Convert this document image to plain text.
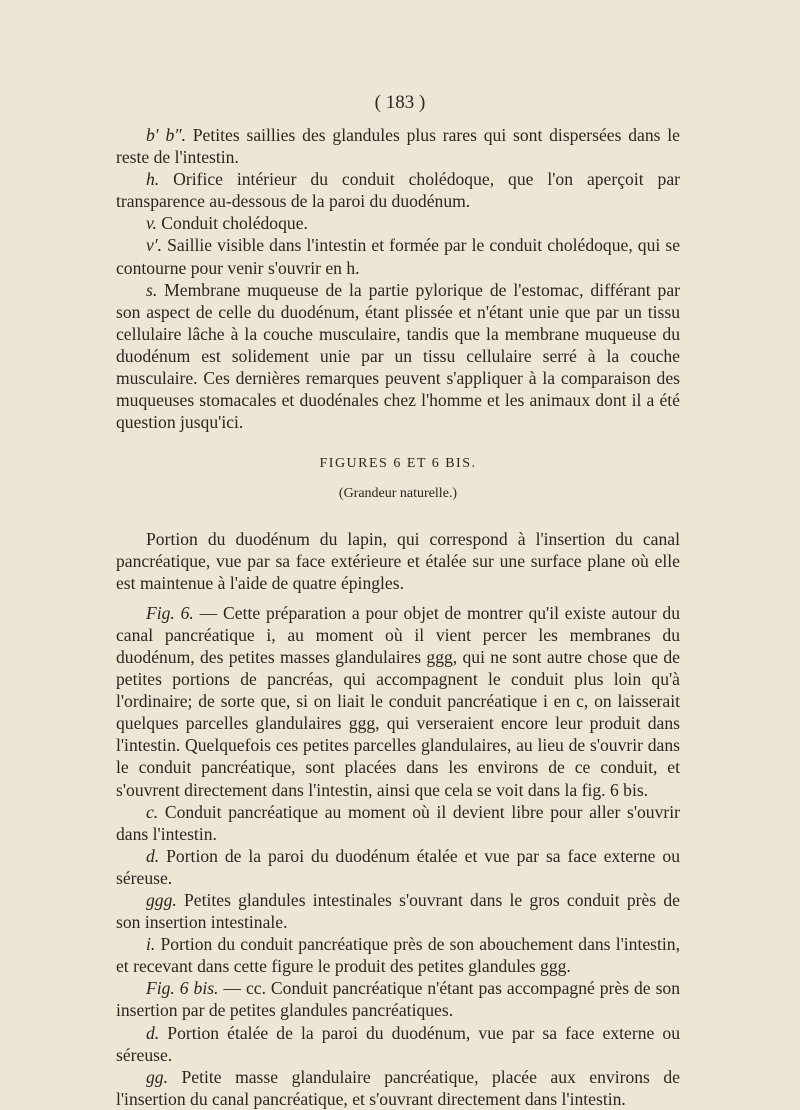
( 183 )

b′ b″. Petites saillies des glandules plus rares qui sont dispersées dans le reste de l'intestin.

h. Orifice intérieur du conduit cholédoque, que l'on aperçoit par transparence au-dessous de la paroi du duodénum.

v. Conduit cholédoque.

v′. Saillie visible dans l'intestin et formée par le conduit cholédoque, qui se contourne pour venir s'ouvrir en h.

s. Membrane muqueuse de la partie pylorique de l'estomac, différant par son aspect de celle du duodénum, étant plissée et n'étant unie que par un tissu cellulaire lâche à la couche musculaire, tandis que la membrane muqueuse du duodénum est solidement unie par un tissu cellulaire serré à la couche musculaire. Ces dernières remarques peuvent s'appliquer à la comparaison des muqueuses stomacales et duodénales chez l'homme et les animaux dont il a été question jusqu'ici.

FIGURES 6 ET 6 BIS.
(Grandeur naturelle.)

Portion du duodénum du lapin, qui correspond à l'insertion du canal pancréatique, vue par sa face extérieure et étalée sur une surface plane où elle est maintenue à l'aide de quatre épingles.

Fig. 6. — Cette préparation a pour objet de montrer qu'il existe autour du canal pancréatique i, au moment où il vient percer les membranes du duodénum, des petites masses glandulaires ggg, qui ne sont autre chose que de petites portions de pancréas, qui accompagnent le conduit plus loin qu'à l'ordinaire; de sorte que, si on liait le conduit pancréatique i en c, on laisserait quelques parcelles glandulaires ggg, qui verseraient encore leur produit dans l'intestin. Quelquefois ces petites parcelles glandulaires, au lieu de s'ouvrir dans le conduit pancréatique, sont placées dans les environs de ce conduit, et s'ouvrent directement dans l'intestin, ainsi que cela se voit dans la fig. 6 bis.

c. Conduit pancréatique au moment où il devient libre pour aller s'ouvrir dans l'intestin.

d. Portion de la paroi du duodénum étalée et vue par sa face externe ou séreuse.

ggg. Petites glandules intestinales s'ouvrant dans le gros conduit près de son insertion intestinale.

i. Portion du conduit pancréatique près de son abouchement dans l'intestin, et recevant dans cette figure le produit des petites glandules ggg.

Fig. 6 bis. — cc. Conduit pancréatique n'étant pas accompagné près de son insertion par de petites glandules pancréatiques.

d. Portion étalée de la paroi du duodénum, vue par sa face externe ou séreuse.

gg. Petite masse glandulaire pancréatique, placée aux environs de l'insertion du canal pancréatique, et s'ouvrant directement dans l'intestin.
